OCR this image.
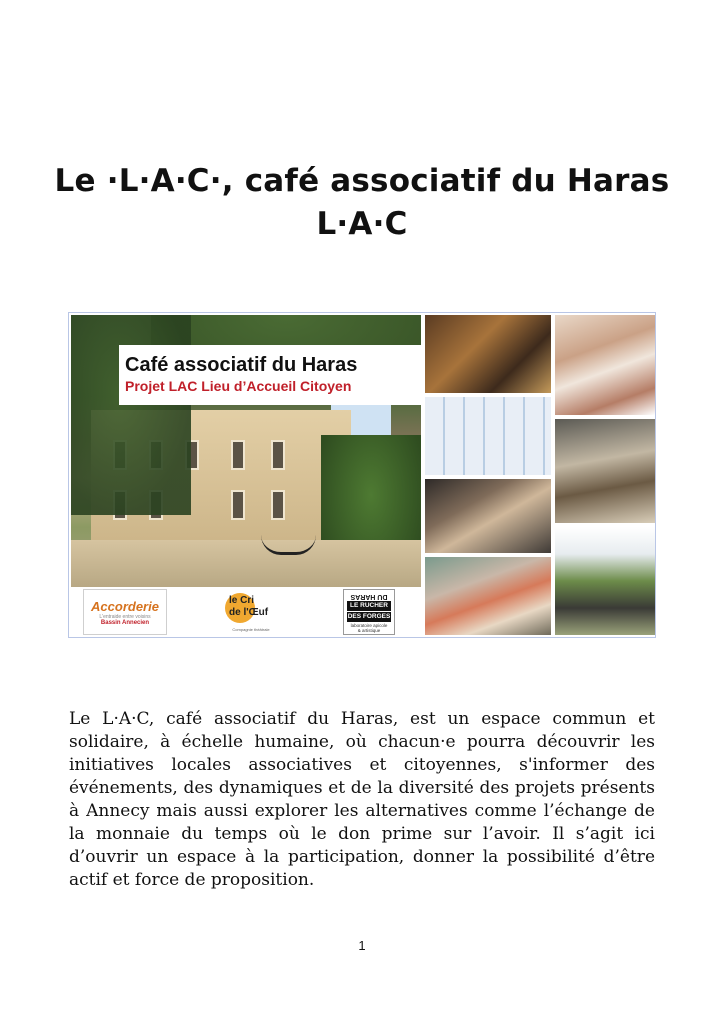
Le ·L·A·C·, café associatif du Haras
L·A·C
Café associatif du Haras
Projet LAC Lieu d’Accueil Citoyen
Accorderie
L'entraide entre voisins
Bassin Annecien
le Cri
de l'Œuf
Compagnie théâtrale
DU HARAS
LE RUCHER
DES FORGES
laboratoire apicole
& artistique

Le L·A·C, café associatif du Haras, est un espace commun et solidaire, à échelle humaine, où chacun·e pourra découvrir les initiatives locales associatives et citoyennes, s'informer des événements, des dynamiques et de la diversité des projets présents à Annecy mais aussi explorer les alternatives comme l’échange de la monnaie du temps où le don prime sur l’avoir. Il s’agit ici d’ouvrir un espace à la participation, donner la possibilité d’être actif et force de proposition.

1
